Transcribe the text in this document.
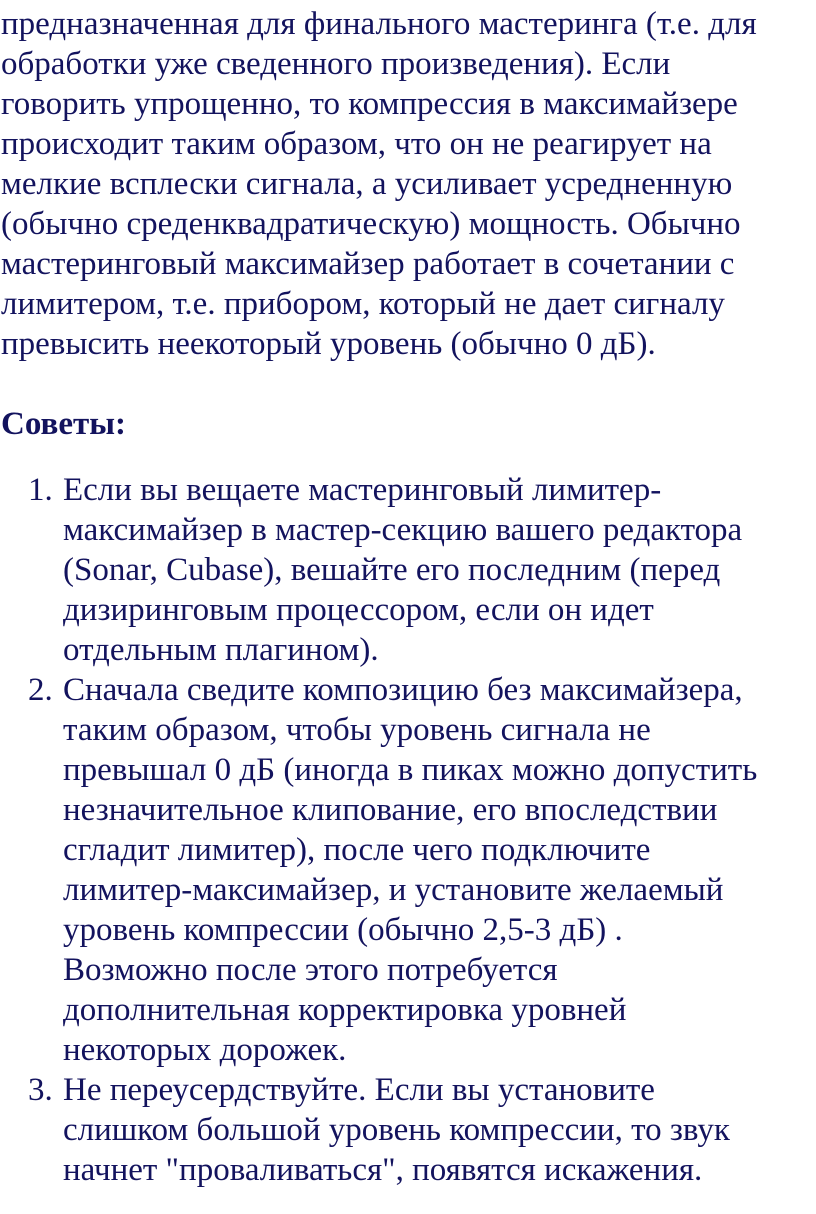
предназначенная для финального мастеринга (т.е. для
обработки уже сведенного произведения). Если
говорить упрощенно, то компрессия в максимайзере
происходит таким образом, что он не реагирует на
мелкие всплески сигнала, а усиливает усредненную
(обычно среденквадратическую) мощность. Обычно
мастеринговый максимайзер работает в сочетании с
лимитером, т.е. прибором, который не дает сигналу
превысить неекоторый уровень (обычно 0 дБ).
Советы:
1. Если вы вещаете мастеринговый лимитер-
максимайзер в мастер-секцию вашего редактора
(Sonar, Cubase), вешайте его последним (перед
дизиринговым процессором, если он идет
отдельным плагином).
2. Сначала сведите композицию без максимайзера,
таким образом, чтобы уровень сигнала не
превышал 0 дБ (иногда в пиках можно допустить
незначительное клипование, его впоследствии
сгладит лимитер), после чего подключите
лимитер-максимайзер, и установите желаемый
уровень компрессии (обычно 2,5-3 дБ) .
Возможно после этого потребуется
дополнительная корректировка уровней
некоторых дорожек.
3. Не переусердствуйте. Если вы установите
слишком большой уровень компрессии, то звук
начнет "проваливаться", появятся искажения.
